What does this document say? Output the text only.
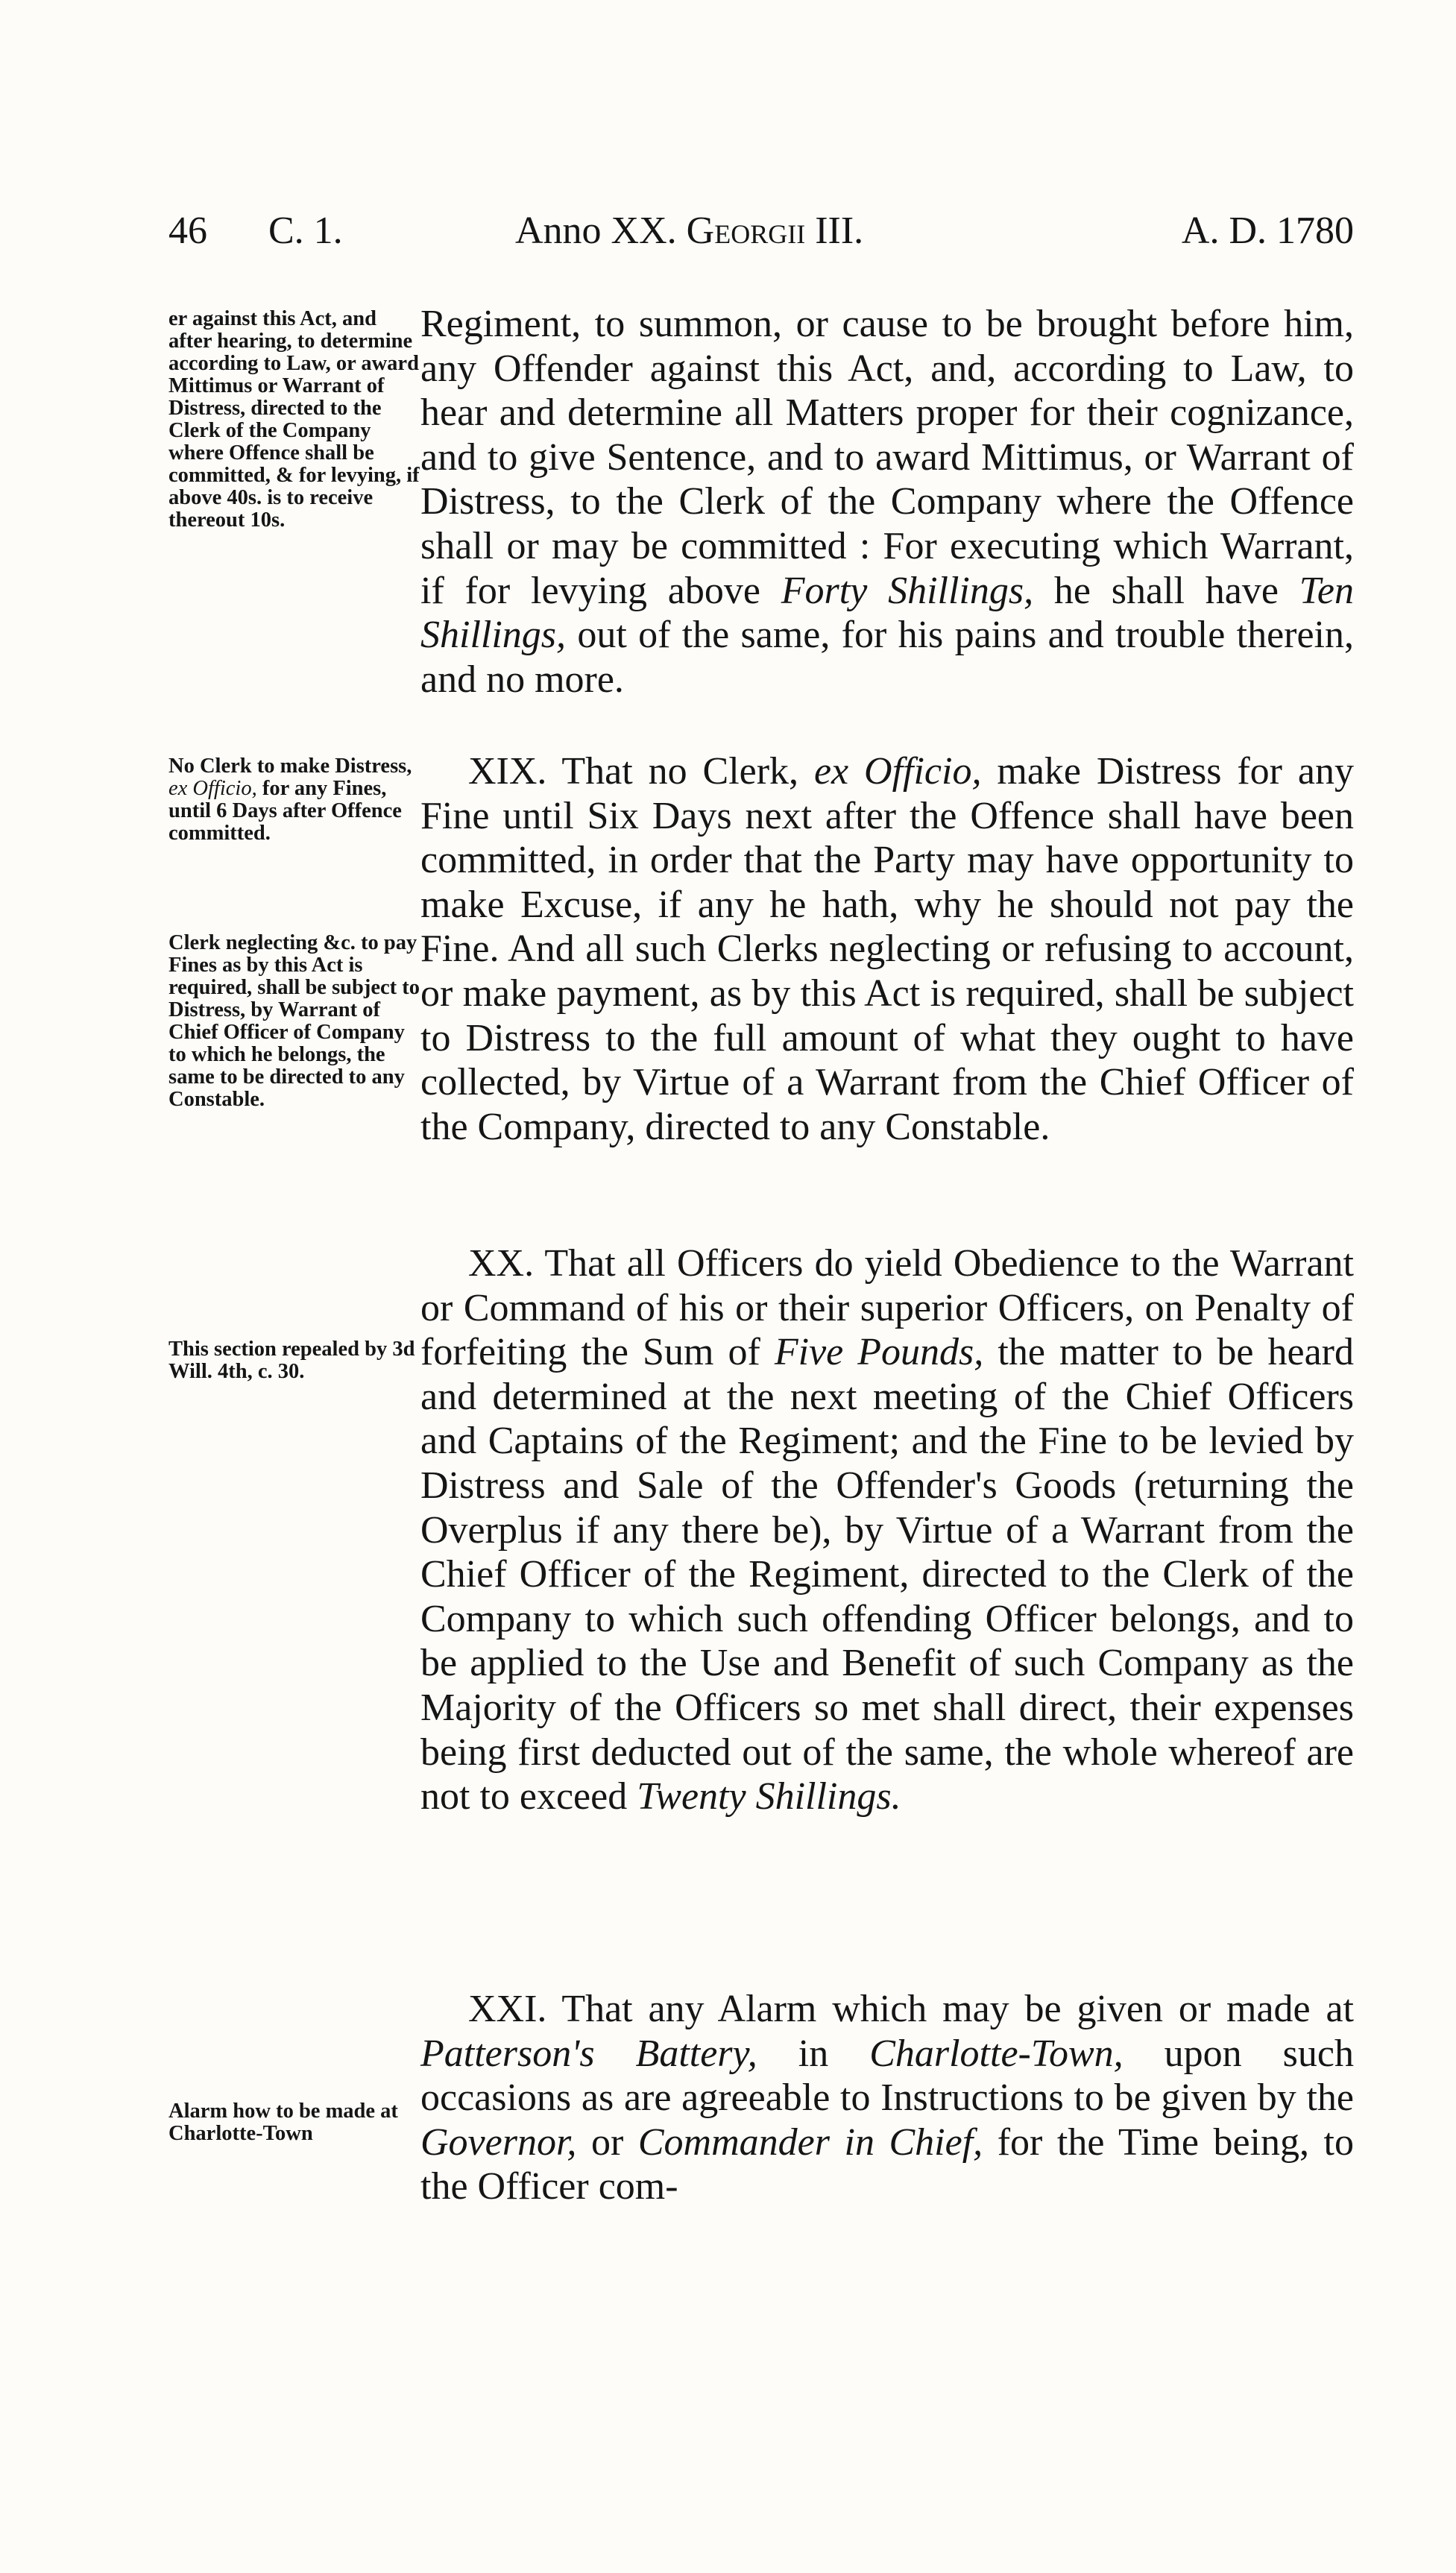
46 C. 1.	Anno XX. Georgii III.	A. D. 1780
er against this Act, and after hearing, to determine according to Law, or award Mittimus or Warrant of Distress, directed to the Clerk of the Company where Offence shall be committed, & for levying, if above 40s. is to receive thereout 10s.

Regiment, to summon, or cause to be brought before him, any Offender against this Act, and, according to Law, to hear and determine all Matters proper for their cognizance, and to give Sentence, and to award Mittimus, or Warrant of Distress, to the Clerk of the Company where the Offence shall or may be committed : For executing which Warrant, if for levying above Forty Shillings, he shall have Ten Shillings, out of the same, for his pains and trouble therein, and no more.

No Clerk to make Distress, ex Officio, for any Fines, until 6 Days after Offence committed.
Clerk neglecting &c. to pay Fines as by this Act is required, shall be subject to Distress, by Warrant of Chief Officer of Company to which he belongs, the same to be directed to any Constable.

XIX. That no Clerk, ex Officio, make Distress for any Fine until Six Days next after the Offence shall have been committed, in order that the Party may have opportunity to make Excuse, if any he hath, why he should not pay the Fine. And all such Clerks neglecting or refusing to account, or make payment, as by this Act is required, shall be subject to Distress to the full amount of what they ought to have collected, by Virtue of a Warrant from the Chief Officer of the Company, directed to any Constable.

This section repealed by 3d Will. 4th, c. 30.

XX. That all Officers do yield Obedience to the Warrant or Command of his or their superior Officers, on Penalty of forfeiting the Sum of Five Pounds, the matter to be heard and determined at the next meeting of the Chief Officers and Captains of the Regiment; and the Fine to be levied by Distress and Sale of the Offender's Goods (returning the Overplus if any there be), by Virtue of a Warrant from the Chief Officer of the Regiment, directed to the Clerk of the Company to which such offending Officer belongs, and to be applied to the Use and Benefit of such Company as the Majority of the Officers so met shall direct, their expenses being first deducted out of the same, the whole whereof are not to exceed Twenty Shillings.

Alarm how to be made at Charlotte-Town

XXI. That any Alarm which may be given or made at Patterson's Battery, in Charlotte-Town, upon such occasions as are agreeable to Instructions to be given by the Governor, or Commander in Chief, for the Time being, to the Officer com-
